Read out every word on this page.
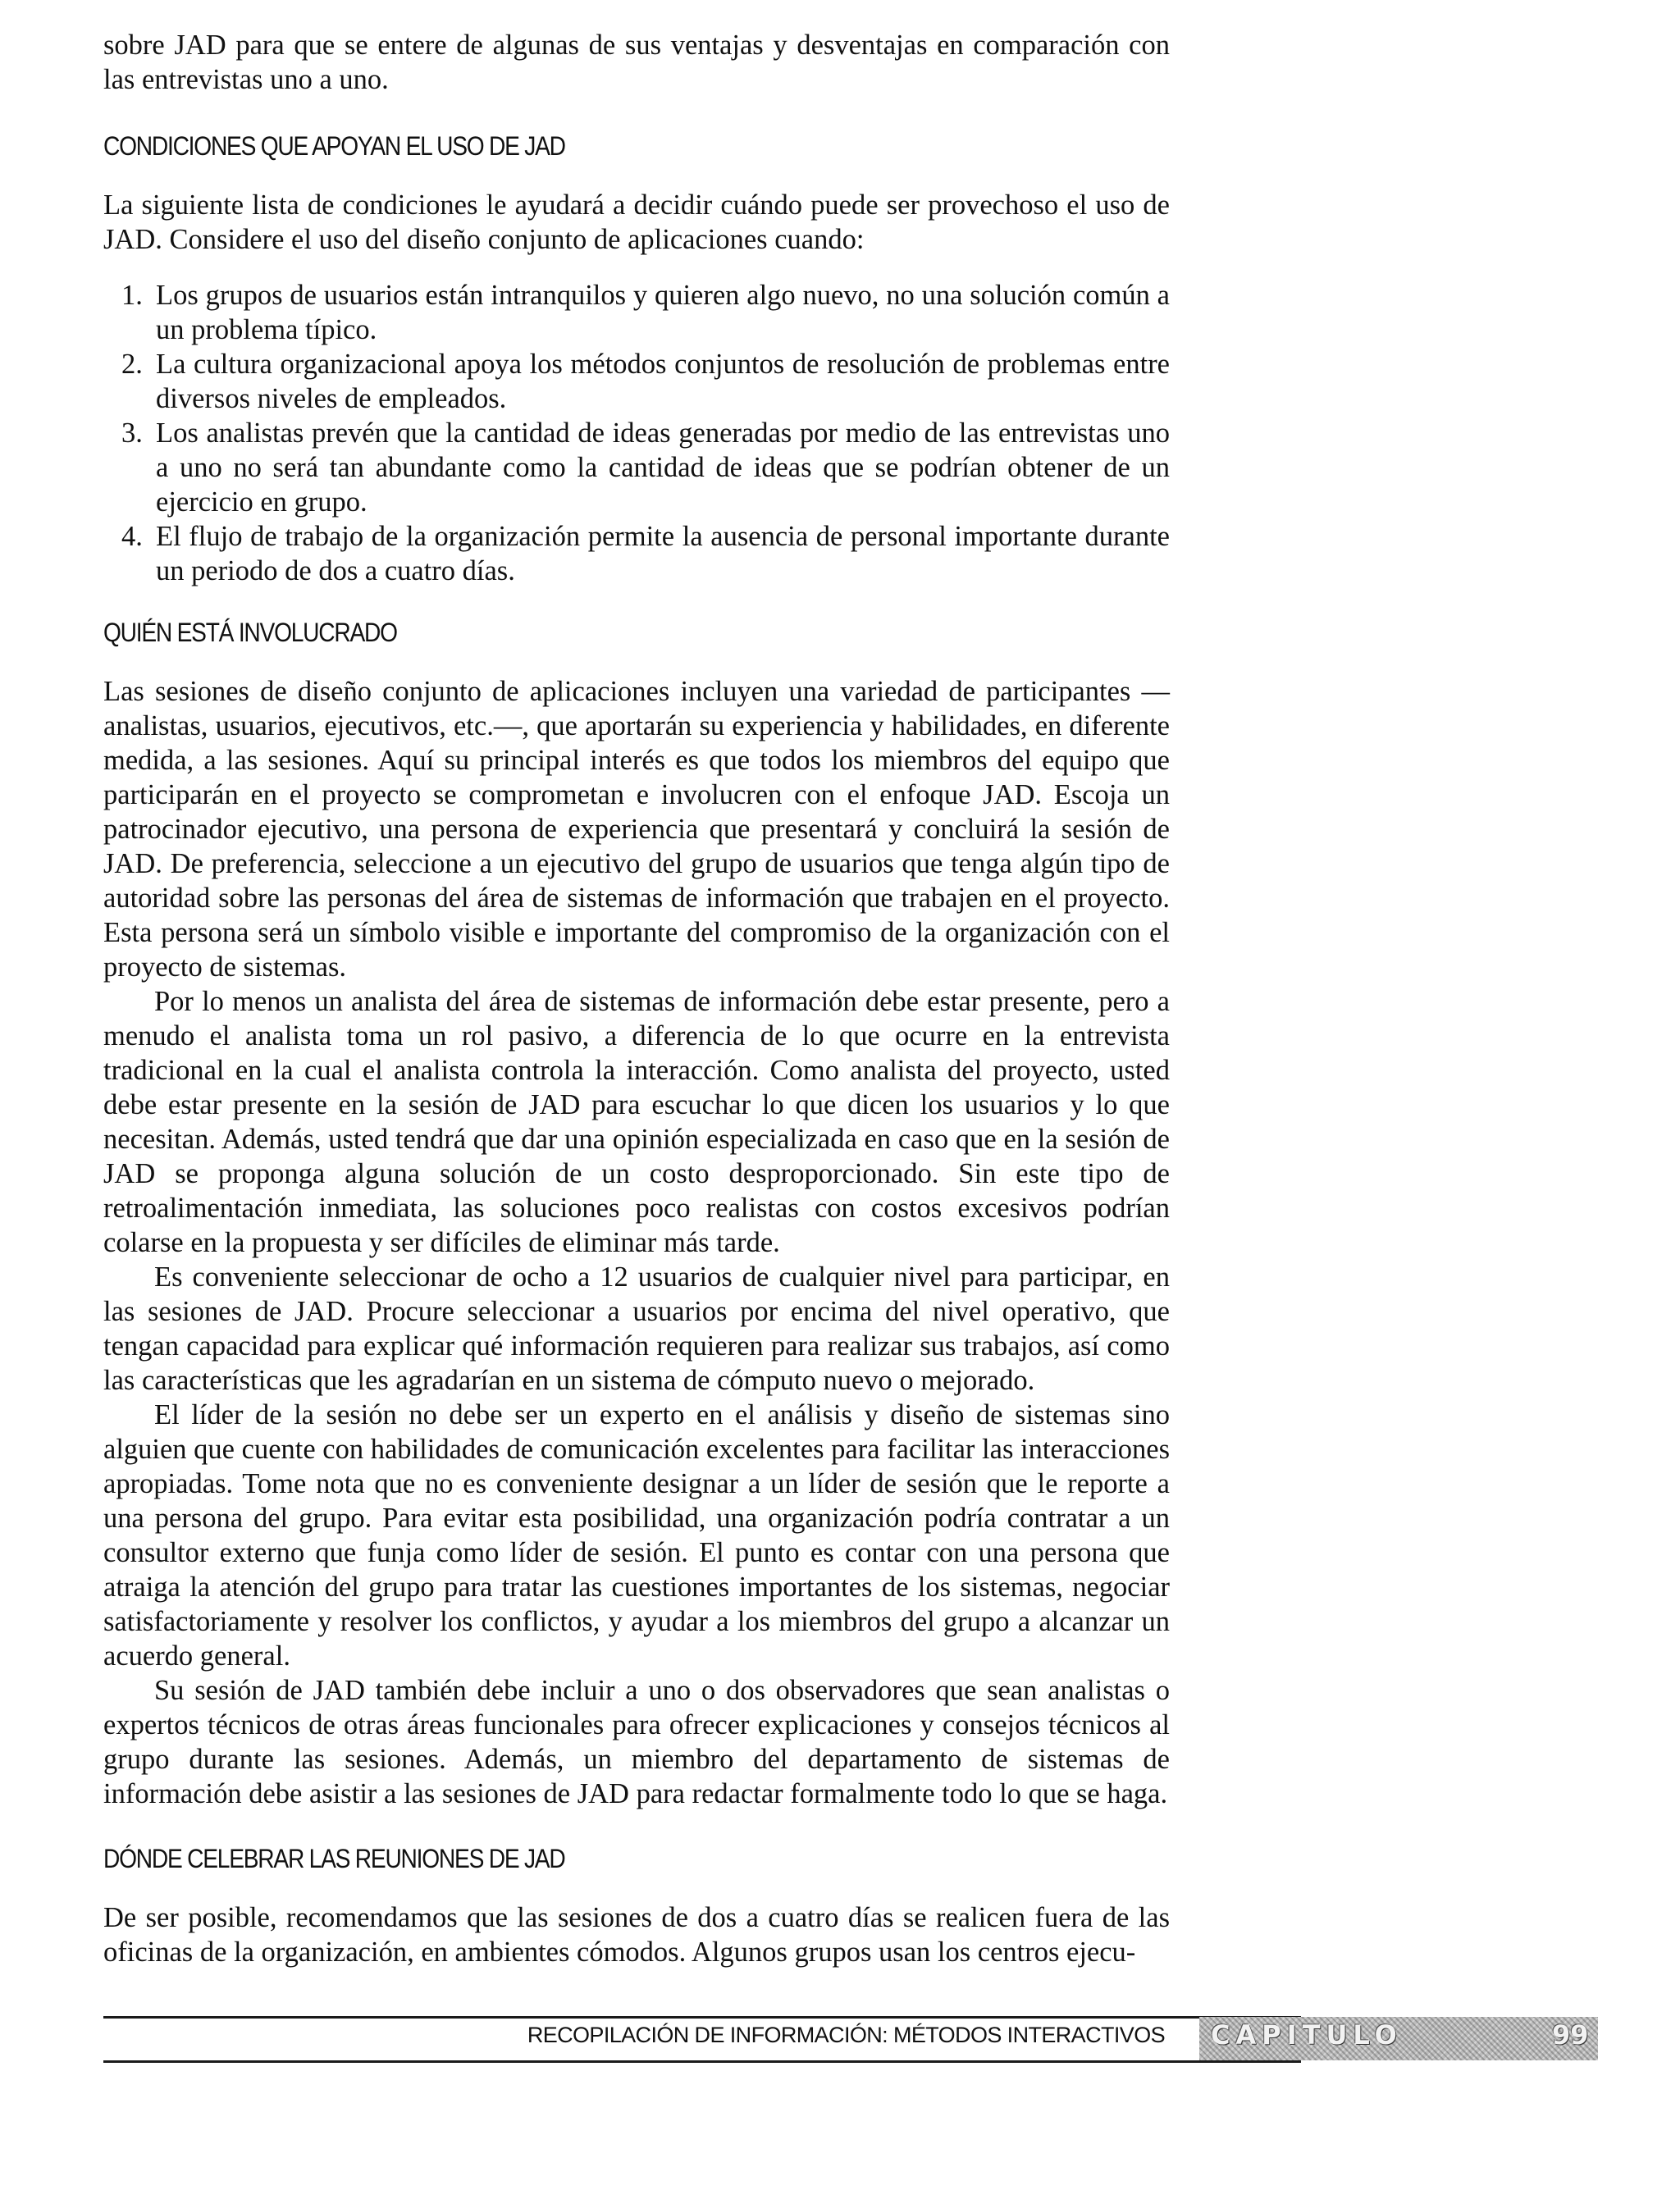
sobre JAD para que se entere de algunas de sus ventajas y desventajas en comparación con las entrevistas uno a uno.

CONDICIONES QUE APOYAN EL USO DE JAD

La siguiente lista de condiciones le ayudará a decidir cuándo puede ser provechoso el uso de JAD. Considere el uso del diseño conjunto de aplicaciones cuando:

1. Los grupos de usuarios están intranquilos y quieren algo nuevo, no una solución común a un problema típico.
2. La cultura organizacional apoya los métodos conjuntos de resolución de problemas entre diversos niveles de empleados.
3. Los analistas prevén que la cantidad de ideas generadas por medio de las entrevistas uno a uno no será tan abundante como la cantidad de ideas que se podrían obtener de un ejercicio en grupo.
4. El flujo de trabajo de la organización permite la ausencia de personal importante durante un periodo de dos a cuatro días.
QUIÉN ESTÁ INVOLUCRADO

Las sesiones de diseño conjunto de aplicaciones incluyen una variedad de participantes —analistas, usuarios, ejecutivos, etc.—, que aportarán su experiencia y habilidades, en diferente medida, a las sesiones. Aquí su principal interés es que todos los miembros del equipo que participarán en el proyecto se comprometan e involucren con el enfoque JAD. Escoja un patrocinador ejecutivo, una persona de experiencia que presentará y concluirá la sesión de JAD. De preferencia, seleccione a un ejecutivo del grupo de usuarios que tenga algún tipo de autoridad sobre las personas del área de sistemas de información que trabajen en el proyecto. Esta persona será un símbolo visible e importante del compromiso de la organización con el proyecto de sistemas.

Por lo menos un analista del área de sistemas de información debe estar presente, pero a menudo el analista toma un rol pasivo, a diferencia de lo que ocurre en la entrevista tradicional en la cual el analista controla la interacción. Como analista del proyecto, usted debe estar presente en la sesión de JAD para escuchar lo que dicen los usuarios y lo que necesitan. Además, usted tendrá que dar una opinión especializada en caso que en la sesión de JAD se proponga alguna solución de un costo desproporcionado. Sin este tipo de retroalimentación inmediata, las soluciones poco realistas con costos excesivos podrían colarse en la propuesta y ser difíciles de eliminar más tarde.

Es conveniente seleccionar de ocho a 12 usuarios de cualquier nivel para participar, en las sesiones de JAD. Procure seleccionar a usuarios por encima del nivel operativo, que tengan capacidad para explicar qué información requieren para realizar sus trabajos, así como las características que les agradarían en un sistema de cómputo nuevo o mejorado.

El líder de la sesión no debe ser un experto en el análisis y diseño de sistemas sino alguien que cuente con habilidades de comunicación excelentes para facilitar las interacciones apropiadas. Tome nota que no es conveniente designar a un líder de sesión que le reporte a una persona del grupo. Para evitar esta posibilidad, una organización podría contratar a un consultor externo que funja como líder de sesión. El punto es contar con una persona que atraiga la atención del grupo para tratar las cuestiones importantes de los sistemas, negociar satisfactoriamente y resolver los conflictos, y ayudar a los miembros del grupo a alcanzar un acuerdo general.

Su sesión de JAD también debe incluir a uno o dos observadores que sean analistas o expertos técnicos de otras áreas funcionales para ofrecer explicaciones y consejos técnicos al grupo durante las sesiones. Además, un miembro del departamento de sistemas de información debe asistir a las sesiones de JAD para redactar formalmente todo lo que se haga.

DÓNDE CELEBRAR LAS REUNIONES DE JAD

De ser posible, recomendamos que las sesiones de dos a cuatro días se realicen fuera de las oficinas de la organización, en ambientes cómodos. Algunos grupos usan los centros ejecu-

RECOPILACIÓN DE INFORMACIÓN: MÉTODOS INTERACTIVOS CAPITULO	99
